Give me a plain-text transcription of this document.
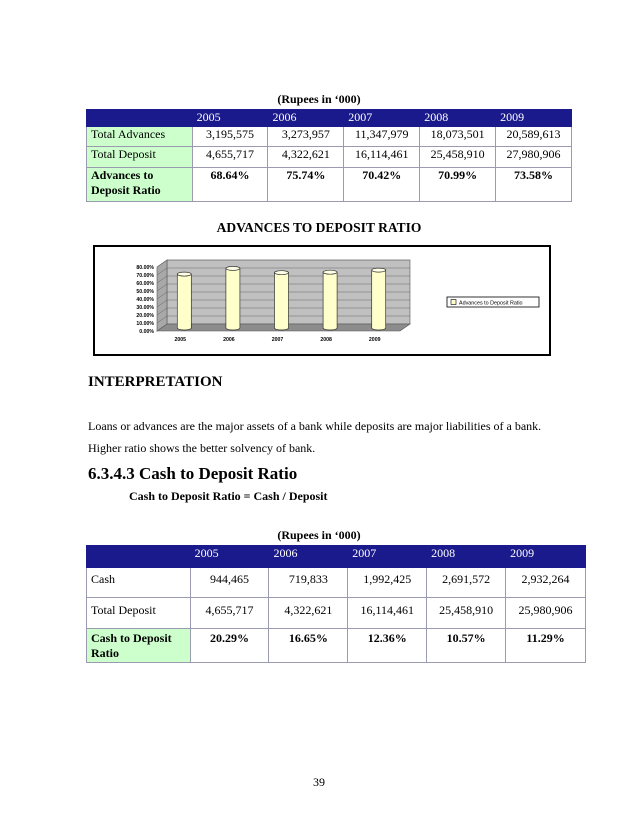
(Rupees in ‘000)
	2005	2006	2007	2008	2009
Total Advances	3,195,575	3,273,957	11,347,979	18,073,501	20,589,613
Total Deposit	4,655,717	4,322,621	16,114,461	25,458,910	27,980,906
Advances to Deposit Ratio	68.64%	75.74%	70.42%	70.99%	73.58%
ADVANCES TO DEPOSIT RATIO
0.00%
10.00%
20.00%
30.00%
40.00%
50.00%
60.00%
70.00%
80.00%
2005	2006	2007	2008	2009
Advances to Deposit Ratio
INTERPRETATION

Loans or advances are the major assets of a bank while deposits are major liabilities of a bank.

Higher ratio shows the better solvency of bank.

6.3.4.3 Cash to Deposit Ratio
Cash to Deposit Ratio = Cash / Deposit
(Rupees in ‘000)
	2005	2006	2007	2008	2009
Cash	944,465	719,833	1,992,425	2,691,572	2,932,264
Total Deposit	4,655,717	4,322,621	16,114,461	25,458,910	25,980,906
Cash to Deposit Ratio	20.29%	16.65%	12.36%	10.57%	11.29%
39
